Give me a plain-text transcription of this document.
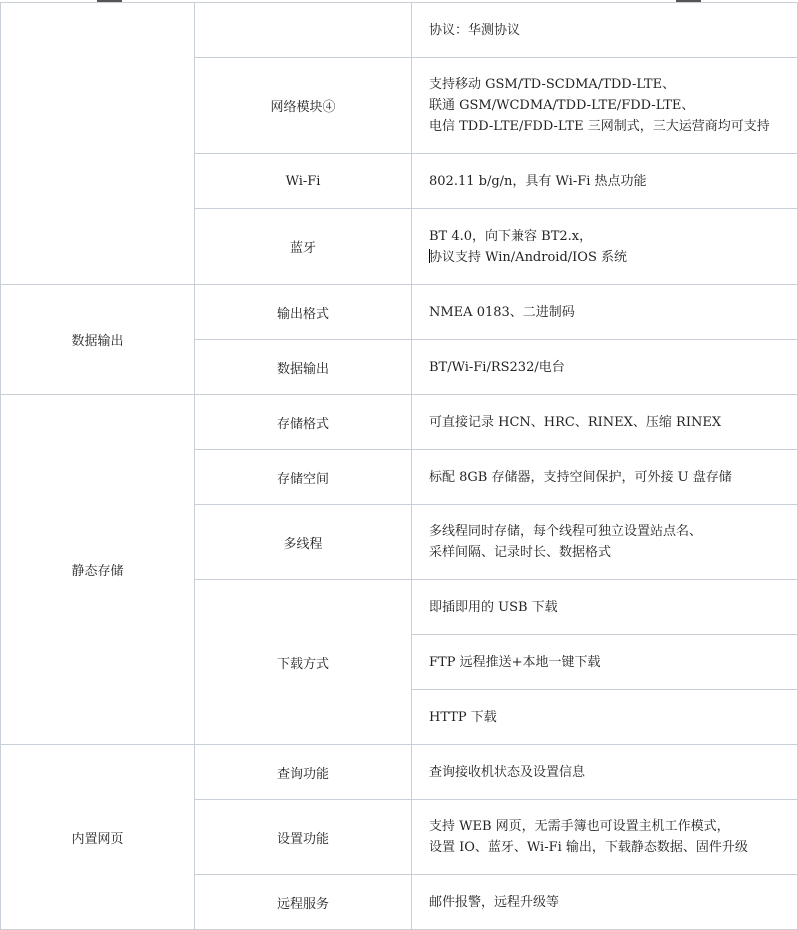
		协议：华测协议

	网络模块④	支持移动 GSM/TD-SCDMA/TDD-LTE、
联通 GSM/WCDMA/TDD-LTE/FDD-LTE、
电信 TDD-LTE/FDD-LTE 三网制式，三大运营商均可支持

	Wi-Fi	802.11 b/g/n，具有 Wi-Fi 热点功能

	蓝牙	BT 4.0，向下兼容 BT2.x，
协议支持 Win/Android/IOS 系统

数据输出	输出格式	NMEA 0183、二进制码

	数据输出	BT/Wi-Fi/RS232/电台

静态存储	存储格式	可直接记录 HCN、HRC、RINEX、压缩 RINEX

	存储空间	标配 8GB 存储器，支持空间保护，可外接 U 盘存储

	多线程	多线程同时存储，每个线程可独立设置站点名、
采样间隔、记录时长、数据格式

	下载方式	即插即用的 USB 下载

		FTP 远程推送+本地一键下载

		HTTP 下载

内置网页	查询功能	查询接收机状态及设置信息

	设置功能	支持 WEB 网页，无需手簿也可设置主机工作模式，
设置 IO、蓝牙、Wi-Fi 输出，下载静态数据、固件升级

	远程服务	邮件报警，远程升级等
